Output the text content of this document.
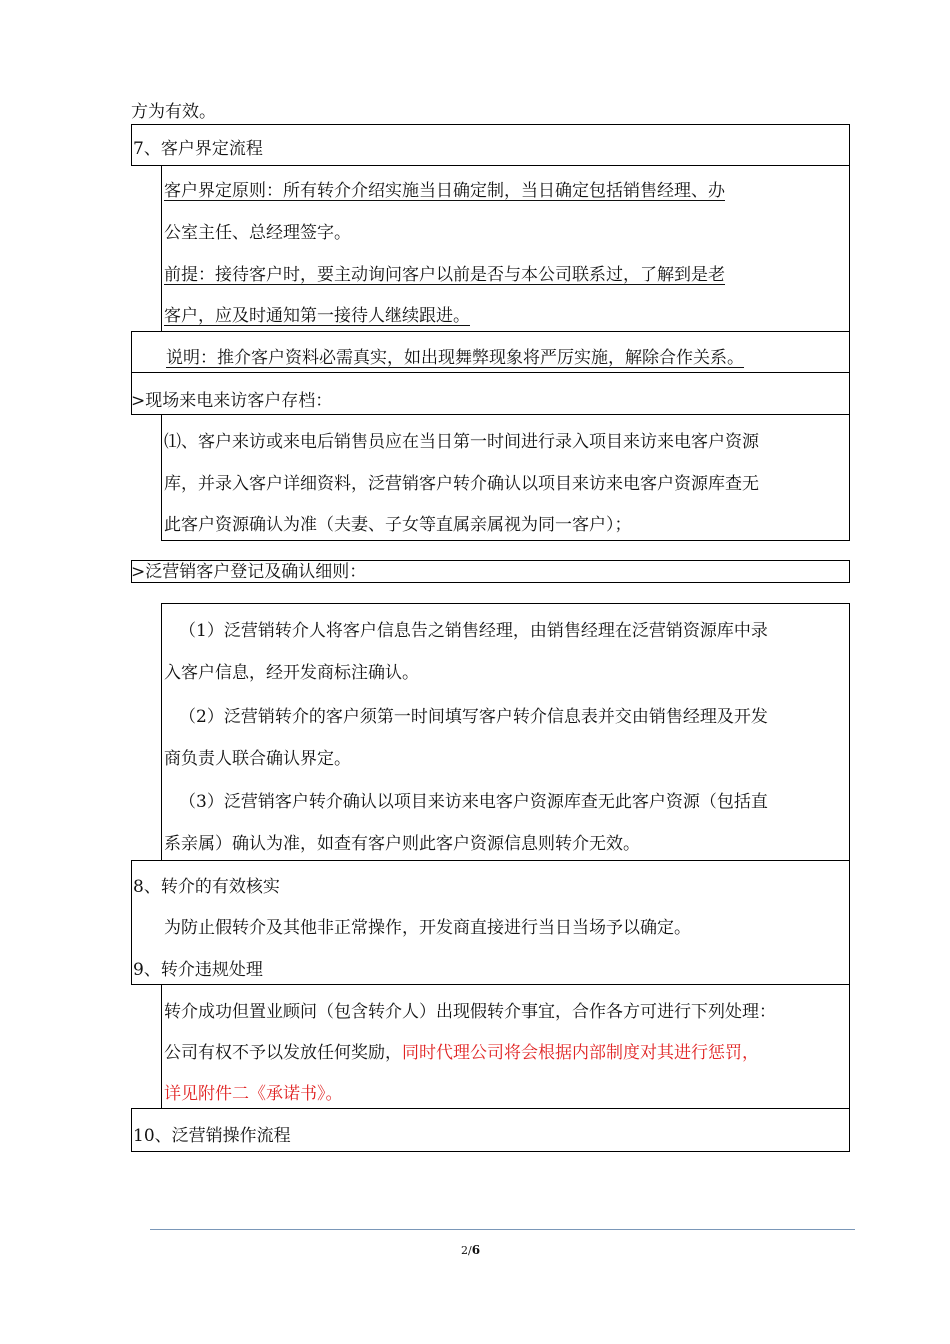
方为有效。
7、客户界定流程
客户界定原则：所有转介介绍实施当日确定制，当日确定包括销售经理、办
公室主任、总经理签字。
前提：接待客户时，要主动询问客户以前是否与本公司联系过，了解到是老
客户，应及时通知第一接待人继续跟进。
说明：推介客户资料必需真实，如出现舞弊现象将严厉实施，解除合作关系。
>现场来电来访客户存档：
⑴、客户来访或来电后销售员应在当日第一时间进行录入项目来访来电客户资源
库，并录入客户详细资料，泛营销客户转介确认以项目来访来电客户资源库查无
此客户资源确认为准（夫妻、子女等直属亲属视为同一客户）；
>泛营销客户登记及确认细则：
（1）泛营销转介人将客户信息告之销售经理，由销售经理在泛营销资源库中录
入客户信息，经开发商标注确认。
（2）泛营销转介的客户须第一时间填写客户转介信息表并交由销售经理及开发
商负责人联合确认界定。
（3）泛营销客户转介确认以项目来访来电客户资源库查无此客户资源（包括直
系亲属）确认为准，如查有客户则此客户资源信息则转介无效。
8、转介的有效核实
为防止假转介及其他非正常操作，开发商直接进行当日当场予以确定。
9、转介违规处理
转介成功但置业顾问（包含转介人）出现假转介事宜，合作各方可进行下列处理：
公司有权不予以发放任何奖励，同时代理公司将会根据内部制度对其进行惩罚，
详见附件二《承诺书》。
10、泛营销操作流程
2/6
